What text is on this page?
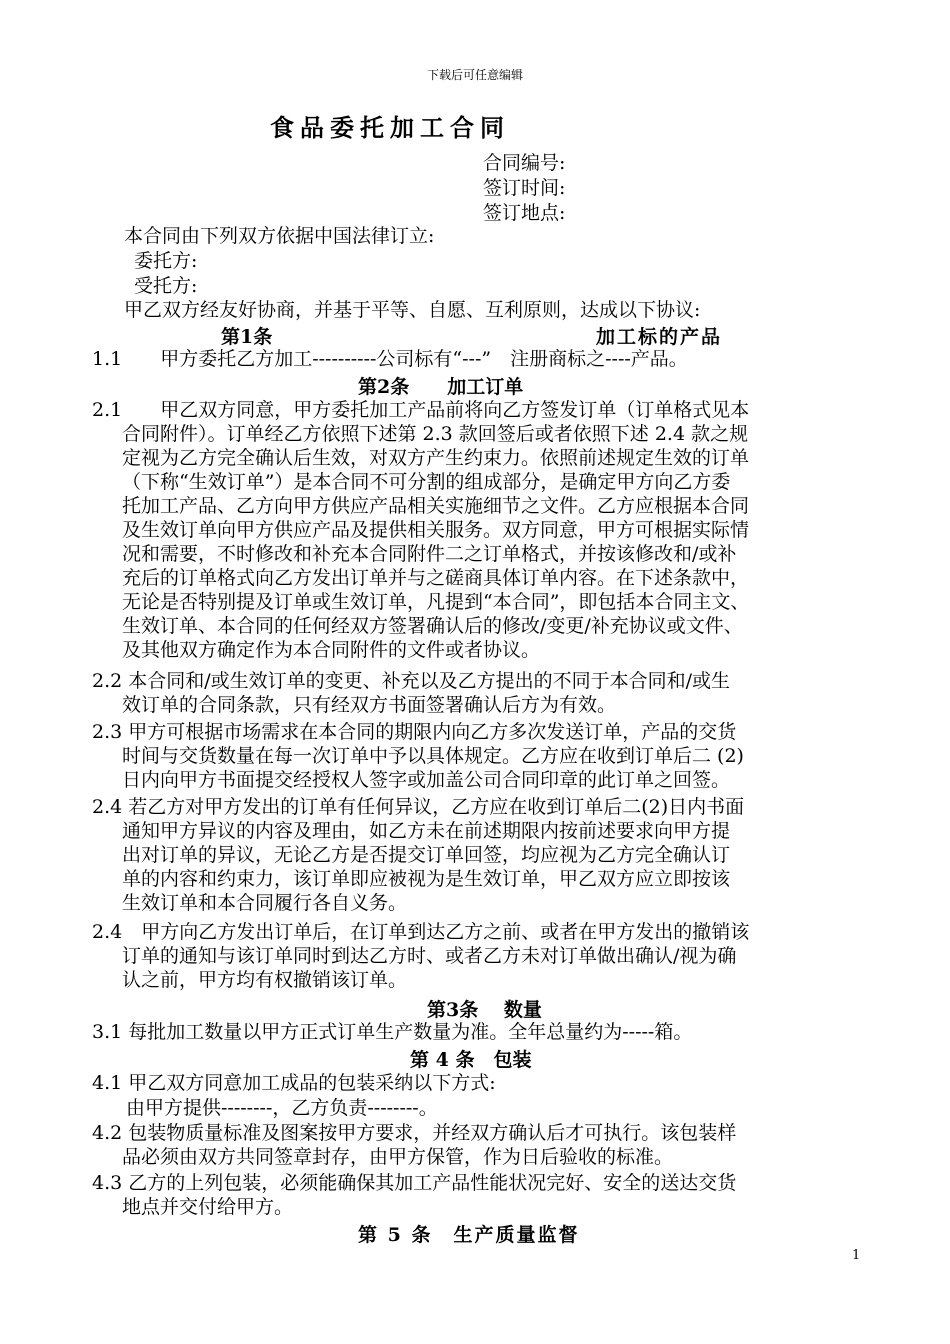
下载后可任意编辑
食品委托加工合同
合同编号:
签订时间:
签订地点:
本合同由下列双方依据中国法律订立:
委托方:
受托方:
甲乙双方经友好协商，并基于平等、自愿、互利原则，达成以下协议:
第1条	加工标的产品
1.1　　甲方委托乙方加工----------公司标有“---”　注册商标之----产品。
第2条　　加工订单
2.1　　甲乙双方同意，甲方委托加工产品前将向乙方签发订单（订单格式见本
合同附件）。订单经乙方依照下述第 2.3 款回签后或者依照下述 2.4 款之规
定视为乙方完全确认后生效，对双方产生约束力。依照前述规定生效的订单
（下称“生效订单”）是本合同不可分割的组成部分，是确定甲方向乙方委
托加工产品、乙方向甲方供应产品相关实施细节之文件。乙方应根据本合同
及生效订单向甲方供应产品及提供相关服务。双方同意，甲方可根据实际情
况和需要，不时修改和补充本合同附件二之订单格式，并按该修改和/或补
充后的订单格式向乙方发出订单并与之磋商具体订单内容。在下述条款中，
无论是否特别提及订单或生效订单，凡提到“本合同”，即包括本合同主文、
生效订单、本合同的任何经双方签署确认后的修改/变更/补充协议或文件、
及其他双方确定作为本合同附件的文件或者协议。
2.2 本合同和/或生效订单的变更、补充以及乙方提出的不同于本合同和/或生
效订单的合同条款，只有经双方书面签署确认后方为有效。
2.3 甲方可根据市场需求在本合同的期限内向乙方多次发送订单，产品的交货
时间与交货数量在每一次订单中予以具体规定。乙方应在收到订单后二 (2)
日内向甲方书面提交经授权人签字或加盖公司合同印章的此订单之回签。
2.4 若乙方对甲方发出的订单有任何异议，乙方应在收到订单后二(2)日内书面
通知甲方异议的内容及理由，如乙方未在前述期限内按前述要求向甲方提
出对订单的异议，无论乙方是否提交订单回签，均应视为乙方完全确认订
单的内容和约束力，该订单即应被视为是生效订单，甲乙双方应立即按该
生效订单和本合同履行各自义务。
2.4　甲方向乙方发出订单后，在订单到达乙方之前、或者在甲方发出的撤销该
订单的通知与该订单同时到达乙方时、或者乙方未对订单做出确认/视为确
认之前，甲方均有权撤销该订单。
第3条　 数量
3.1 每批加工数量以甲方正式订单生产数量为准。全年总量约为-----箱。
第 4 条　包装
4.1 甲乙双方同意加工成品的包装采纳以下方式:
由甲方提供--------，乙方负责--------。
4.2 包装物质量标准及图案按甲方要求，并经双方确认后才可执行。该包装样
品必须由双方共同签章封存，由甲方保管，作为日后验收的标准。
4.3 乙方的上列包装，必须能确保其加工产品性能状况完好、安全的送达交货
地点并交付给甲方。
第 5 条　生产质量监督
1
